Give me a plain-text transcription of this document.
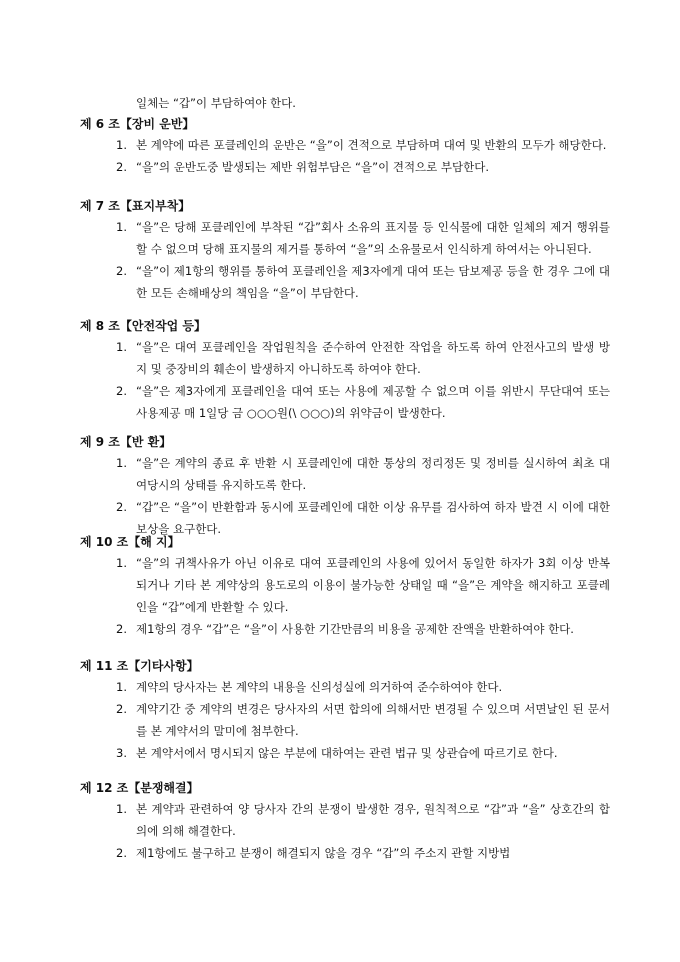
일체는 “갑”이 부담하여야 한다.
제 6 조【장비 운반】
1. 본 계약에 따른 포클레인의 운반은 “을”이 견적으로 부담하며 대여 및 반환의 모두가 해당한다.
2. “을”의 운반도중 발생되는 제반 위험부담은 “을”이 견적으로 부담한다.
제 7 조【표지부착】
1. “을”은 당해 포클레인에 부착된 “갑”회사 소유의 표지물 등 인식물에 대한 일체의 제거 행위를 할 수 없으며 당해 표지물의 제거를 통하여 “을”의 소유물로서 인식하게 하여서는 아니된다.
2. “을”이 제1항의 행위를 통하여 포클레인을 제3자에게 대여 또는 담보제공 등을 한 경우 그에 대한 모든 손해배상의 책임을 “을”이 부담한다.
제 8 조【안전작업 등】
1. “을”은 대여 포클레인을 작업원칙을 준수하여 안전한 작업을 하도록 하여 안전사고의 발생 방지 및 중장비의 훼손이 발생하지 아니하도록 하여야 한다.
2. “을”은 제3자에게 포클레인을 대여 또는 사용에 제공할 수 없으며 이를 위반시 무단대여 또는 사용제공 매 1일당 금 ○○○원(\ ○○○)의 위약금이 발생한다.
제 9 조【반 환】
1. “을”은 계약의 종료 후 반환 시 포클레인에 대한 통상의 정리정돈 및 정비를 실시하여 최초 대여당시의 상태를 유지하도록 한다.
2. “갑”은 “을”이 반환함과 동시에 포클레인에 대한 이상 유무를 검사하여 하자 발견 시 이에 대한 보상을 요구한다.
제 10 조【해 지】
1. “을”의 귀책사유가 아닌 이유로 대여 포클레인의 사용에 있어서 동일한 하자가 3회 이상 반복되거나 기타 본 계약상의 용도로의 이용이 불가능한 상태일 때 “을”은 계약을 해지하고 포클레인을 “갑”에게 반환할 수 있다.
2. 제1항의 경우 “갑”은 “을”이 사용한 기간만큼의 비용을 공제한 잔액을 반환하여야 한다.
제 11 조【기타사항】
1. 계약의 당사자는 본 계약의 내용을 신의성실에 의거하여 준수하여야 한다.
2. 계약기간 중 계약의 변경은 당사자의 서면 합의에 의해서만 변경될 수 있으며 서면날인 된 문서를 본 계약서의 말미에 첨부한다.
3. 본 계약서에서 명시되지 않은 부분에 대하여는 관련 법규 및 상관습에 따르기로 한다.
제 12 조【분쟁해결】
1. 본 계약과 관련하여 양 당사자 간의 분쟁이 발생한 경우, 원칙적으로 “갑”과 “을” 상호간의 합의에 의해 해결한다.
2. 제1항에도 불구하고 분쟁이 해결되지 않을 경우 “갑”의 주소지 관할 지방법
